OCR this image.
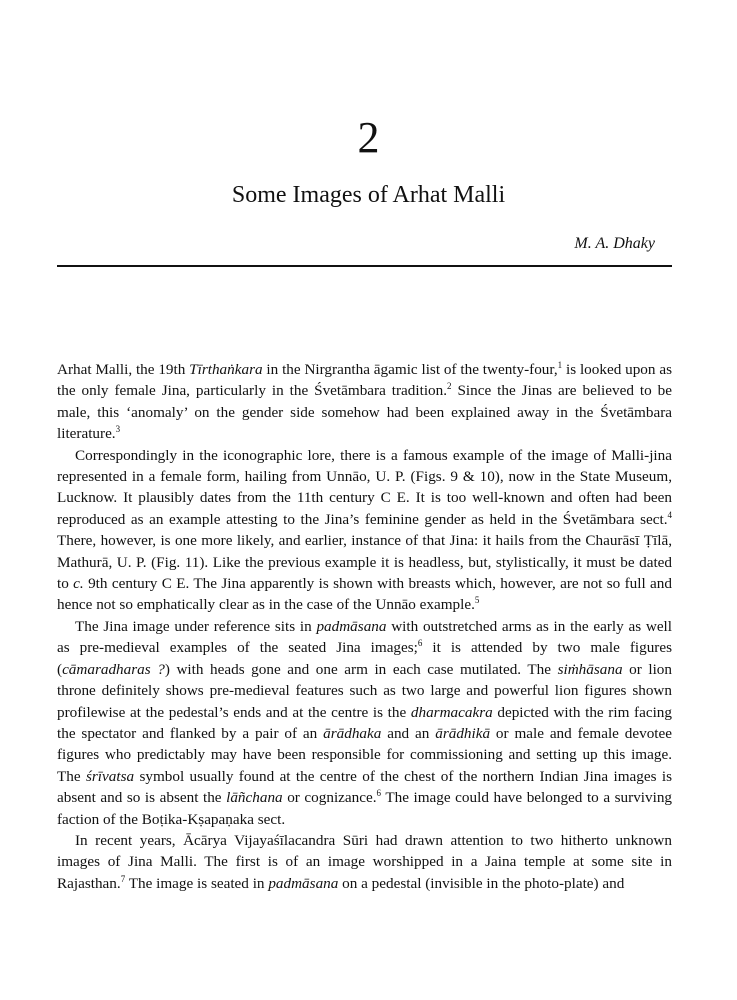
2
Some Images of Arhat Malli
M. A. Dhaky

Arhat Malli, the 19th Tīrthaṅkara in the Nirgrantha āgamic list of the twenty-four,$^1$ is looked upon as the only female Jina, particularly in the Śvetāmbara tradition.$^2$ Since the Jinas are believed to be male, this ‘anomaly’ on the gender side somehow had been explained away in the Śvetāmbara literature.$^3$

Correspondingly in the iconographic lore, there is a famous example of the image of Malli-jina represented in a female form, hailing from Unnāo, U. P. (Figs. 9 & 10), now in the State Museum, Lucknow. It plausibly dates from the 11th century C E. It is too well-known and often had been reproduced as an example attesting to the Jina’s feminine gender as held in the Śvetāmbara sect.$^4$ There, however, is one more likely, and earlier, instance of that Jina: it hails from the Chaurāsī Ṭīlā, Mathurā, U. P. (Fig. 11). Like the previous example it is headless, but, stylistically, it must be dated to c. 9th century C E. The Jina apparently is shown with breasts which, however, are not so full and hence not so emphatically clear as in the case of the Unnāo example.$^5$

The Jina image under reference sits in padmāsana with outstretched arms as in the early as well as pre-medieval examples of the seated Jina images;$^6$ it is attended by two male figures (cāmaradharas ?) with heads gone and one arm in each case mutilated. The siṁhāsana or lion throne definitely shows pre-medieval features such as two large and powerful lion figures shown profilewise at the pedestal’s ends and at the centre is the dharmacakra depicted with the rim facing the spectator and flanked by a pair of an ārādhaka and an ārādhikā or male and female devotee figures who predictably may have been responsible for commissioning and setting up this image. The śrīvatsa symbol usually found at the centre of the chest of the northern Indian Jina images is absent and so is absent the lāñchana or cognizance.$^6$ The image could have belonged to a surviving faction of the Boṭika-Kṣapaṇaka sect.

In recent years, Ācārya Vijayaśīlacandra Sūri had drawn attention to two hitherto unknown images of Jina Malli. The first is of an image worshipped in a Jaina temple at some site in Rajasthan.$^7$ The image is seated in padmāsana on a pedestal (invisible in the photo-plate) and
